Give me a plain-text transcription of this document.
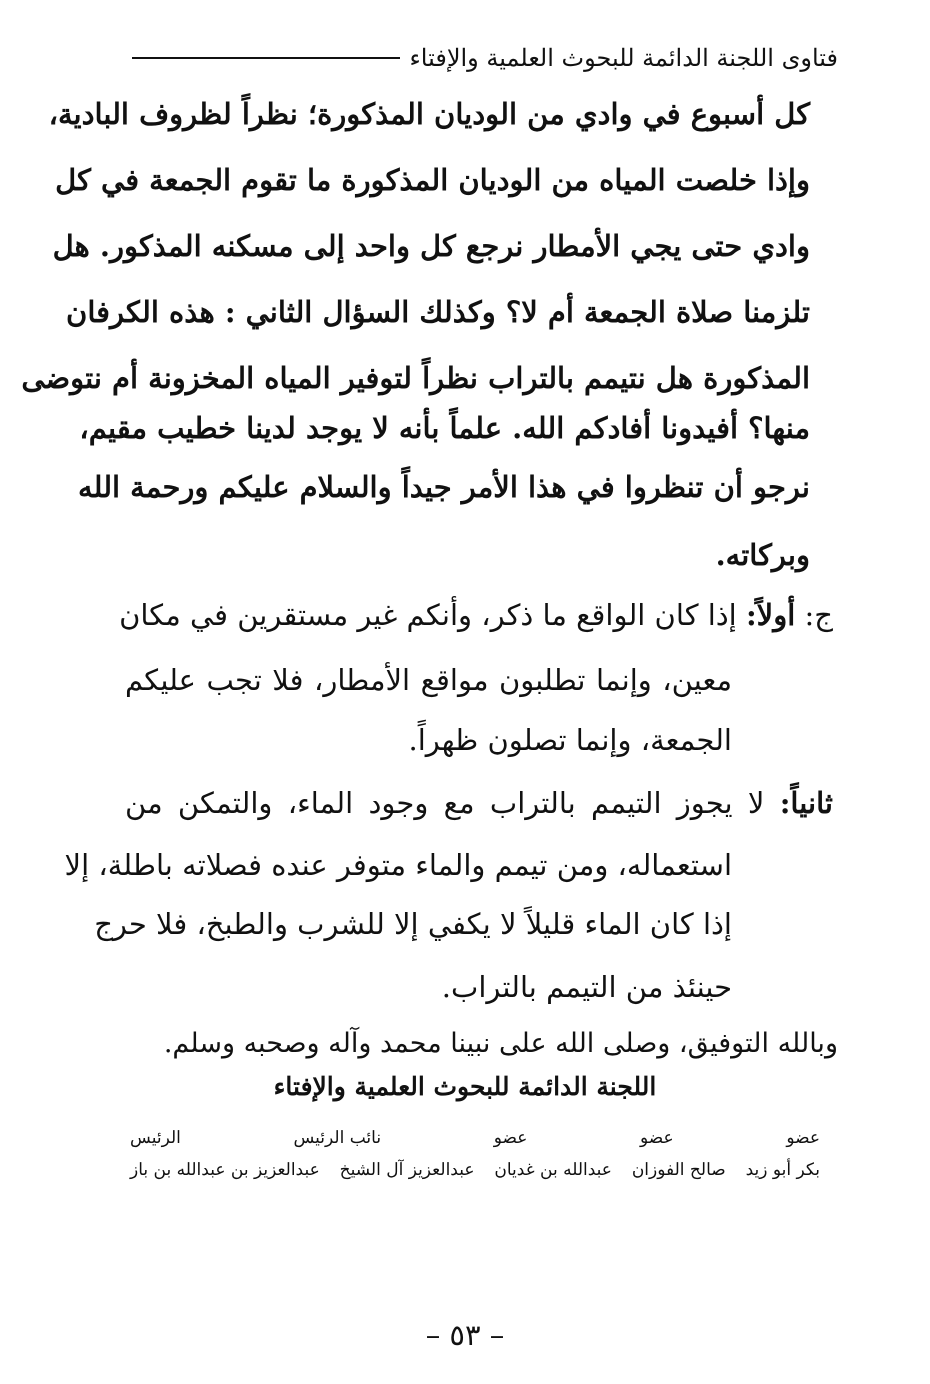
فتاوى اللجنة الدائمة للبحوث العلمية والإفتاء
كل أسبوع في وادي من الوديان المذكورة؛ نظراً لظروف البادية،
وإذا خلصت المياه من الوديان المذكورة ما تقوم الجمعة في كل
وادي حتى يجي الأمطار نرجع كل واحد إلى مسكنه المذكور. هل
تلزمنا صلاة الجمعة أم لا؟ وكذلك السؤال الثاني : هذه الكرفان
المذكورة هل نتيمم بالتراب نظراً لتوفير المياه المخزونة أم نتوضى
منها؟ أفيدونا أفادكم الله. علماً بأنه لا يوجد لدينا خطيب مقيم،
نرجو أن تنظروا في هذا الأمر جيداً والسلام عليكم ورحمة الله
وبركاته.
ج: أولاً: إذا كان الواقع ما ذكر، وأنكم غير مستقرين في مكان
معين، وإنما تطلبون مواقع الأمطار، فلا تجب عليكم
الجمعة، وإنما تصلون ظهراً.
ثانياً: لا يجوز التيمم بالتراب مع وجود الماء، والتمكن من
استعماله، ومن تيمم والماء متوفر عنده فصلاته باطلة، إلا
إذا كان الماء قليلاً لا يكفي إلا للشرب والطبخ، فلا حرج
حينئذ من التيمم بالتراب.
وبالله التوفيق، وصلى الله على نبينا محمد وآله وصحبه وسلم.
اللجنة الدائمة للبحوث العلمية والإفتاء
عضو
عضو
عضو
نائب الرئيس
الرئيس
بكر أبو زيد
صالح الفوزان
عبدالله بن غديان
عبدالعزيز آل الشيخ
عبدالعزيز بن عبدالله بن باز
– ٥٣ –
